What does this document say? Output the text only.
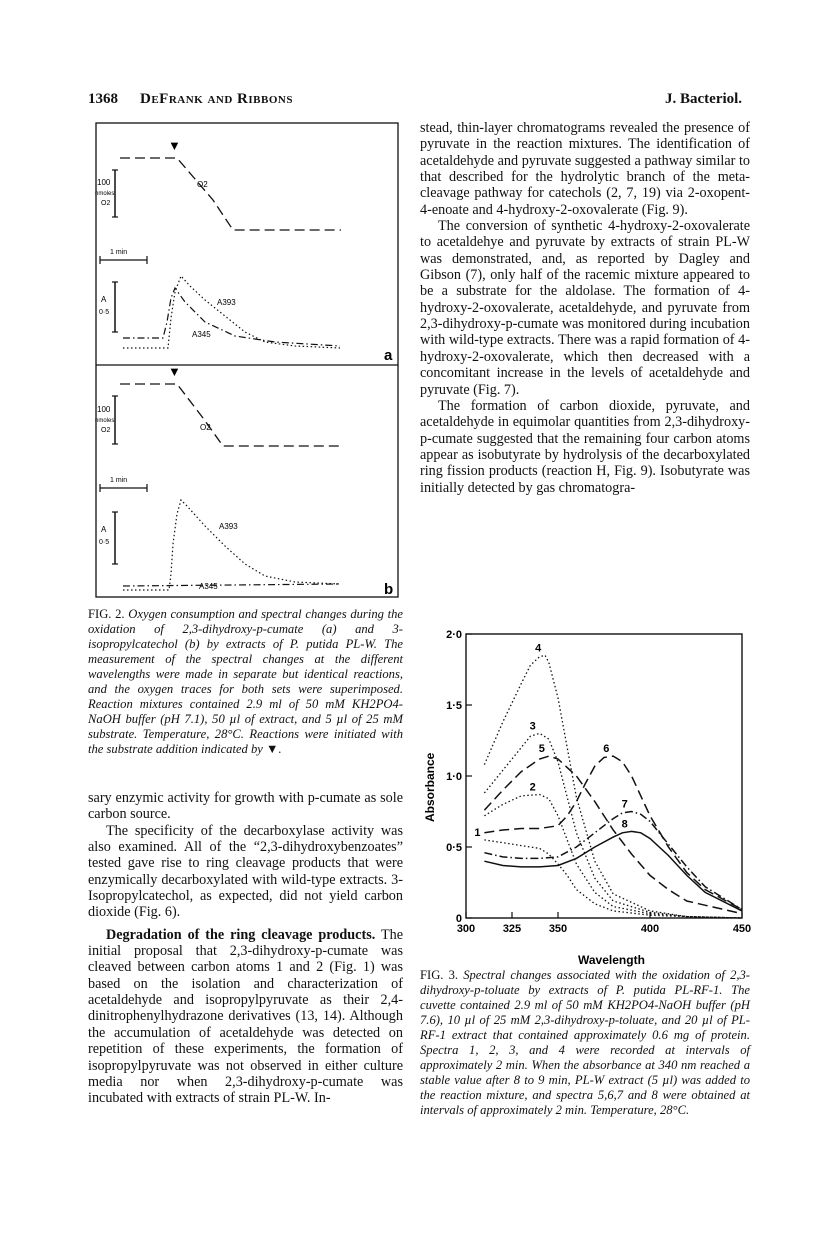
1368 DeFrank and Ribbons	J. Bacteriol.
▼
O2
100
nmoles
O2
1 min
A
0·5
A393
A345
a
▼
O2
100
nmoles
O2
1 min
A
0·5
A393
A345	b
FIG. 2. Oxygen consumption and spectral changes during the oxidation of 2,3-dihydroxy-p-cumate (a) and 3-isopropylcatechol (b) by extracts of P. putida PL-W. The measurement of the spectral changes at the different wavelengths were made in separate but identical reactions, and the oxygen traces for both sets were superimposed. Reaction mixtures contained 2.9 ml of 50 mM KH2PO4-NaOH buffer (pH 7.1), 50 µl of extract, and 5 µl of 25 mM substrate. Temperature, 28°C. Reactions were initiated with the substrate addition indicated by ▼.

sary enzymic activity for growth with p-cumate as sole carbon source.

The specificity of the decarboxylase activity was also examined. All of the “2,3-dihydroxybenzoates” tested gave rise to ring cleavage products that were enzymically decarboxylated with wild-type extracts. 3-Isopropylcatechol, as expected, did not yield carbon dioxide (Fig. 6).

Degradation of the ring cleavage products. The initial proposal that 2,3-dihydroxy-p-cumate was cleaved between carbon atoms 1 and 2 (Fig. 1) was based on the isolation and characterization of acetaldehyde and isopropylpyruvate as their 2,4-dinitrophenylhydrazone derivatives (13, 14). Although the accumulation of acetaldehyde was detected on repetition of these experiments, the formation of isopropylpyruvate was not observed in either culture media nor when 2,3-dihydroxy-p-cumate was incubated with extracts of strain PL-W. In-

stead, thin-layer chromatograms revealed the presence of pyruvate in the reaction mixtures. The identification of acetaldehyde and pyruvate suggested a pathway similar to that described for the hydrolytic branch of the meta-cleavage pathway for catechols (2, 7, 19) via 2-oxopent-4-enoate and 4-hydroxy-2-oxovalerate (Fig. 9).

The conversion of synthetic 4-hydroxy-2-oxovalerate to acetaldehye and pyruvate by extracts of strain PL-W was demonstrated, and, as reported by Dagley and Gibson (7), only half of the racemic mixture appeared to be a substrate for the aldolase. The formation of 4-hydroxy-2-oxovalerate, acetaldehyde, and pyruvate from 2,3-dihydroxy-p-cumate was monitored during incubation with wild-type extracts. There was a rapid formation of 4-hydroxy-2-oxovalerate, which then decreased with a concomitant increase in the levels of acetaldehyde and pyruvate (Fig. 7).

The formation of carbon dioxide, pyruvate, and acetaldehyde in equimolar quantities from 2,3-dihydroxy-p-cumate suggested that the remaining four carbon atoms appear as isobutyrate by hydrolysis of the decarboxylated ring fission products (reaction H, Fig. 9). Isobutyrate was initially detected by gas chromatogra-

0
0·5
1·0
1·5
2·0
300	325	350	400	450
1
2
3
4
5	6
7
8
Wavelength
Absorbance
FIG. 3. Spectral changes associated with the oxidation of 2,3-dihydroxy-p-toluate by extracts of P. putida PL-RF-1. The cuvette contained 2.9 ml of 50 mM KH2PO4-NaOH buffer (pH 7.6), 10 µl of 25 mM 2,3-dihydroxy-p-toluate, and 20 µl of PL-RF-1 extract that contained approximately 0.6 mg of protein. Spectra 1, 2, 3, and 4 were recorded at intervals of approximately 2 min. When the absorbance at 340 nm reached a stable value after 8 to 9 min, PL-W extract (5 µl) was added to the reaction mixture, and spectra 5,6,7 and 8 were obtained at intervals of approximately 2 min. Temperature, 28°C.
